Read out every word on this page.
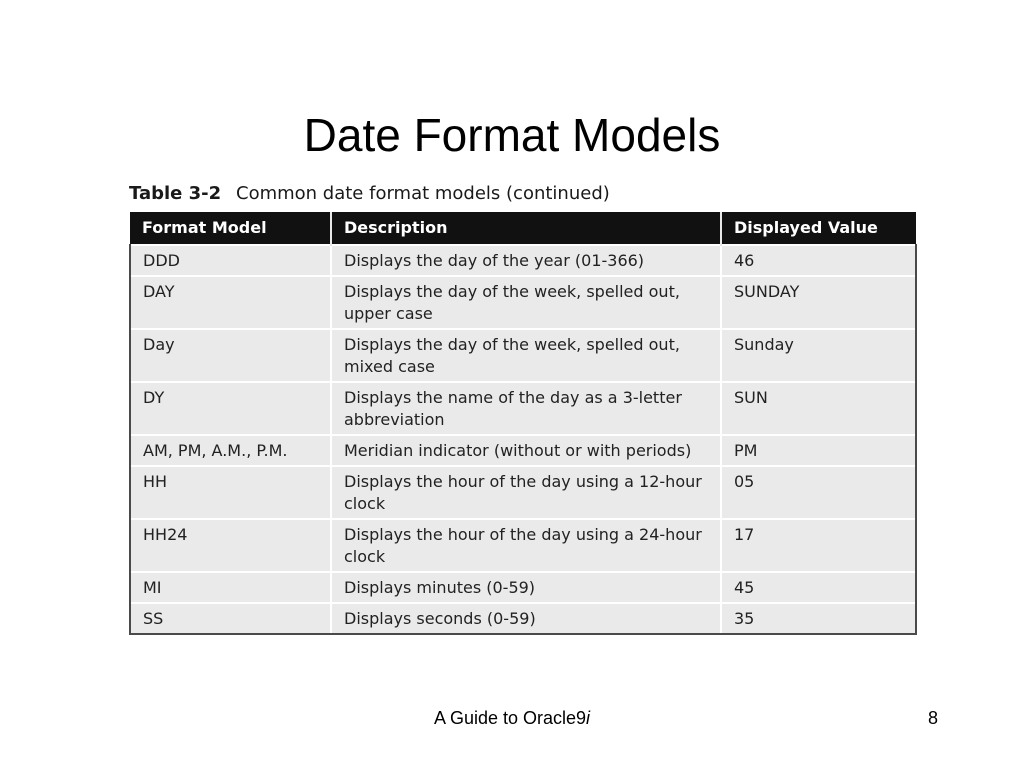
Date Format Models
Table 3-2 Common date format models (continued)
Format Model	Description	Displayed Value
DDD	Displays the day of the year (01-366)	46
DAY	Displays the day of the week, spelled out, upper case	SUNDAY
Day	Displays the day of the week, spelled out, mixed case	Sunday
DY	Displays the name of the day as a 3-letter abbreviation	SUN
AM, PM, A.M., P.M.	Meridian indicator (without or with periods)	PM
HH	Displays the hour of the day using a 12-hour clock	05
HH24	Displays the hour of the day using a 24-hour clock	17
MI	Displays minutes (0-59)	45
SS	Displays seconds (0-59)	35
A Guide to Oracle9i	8
